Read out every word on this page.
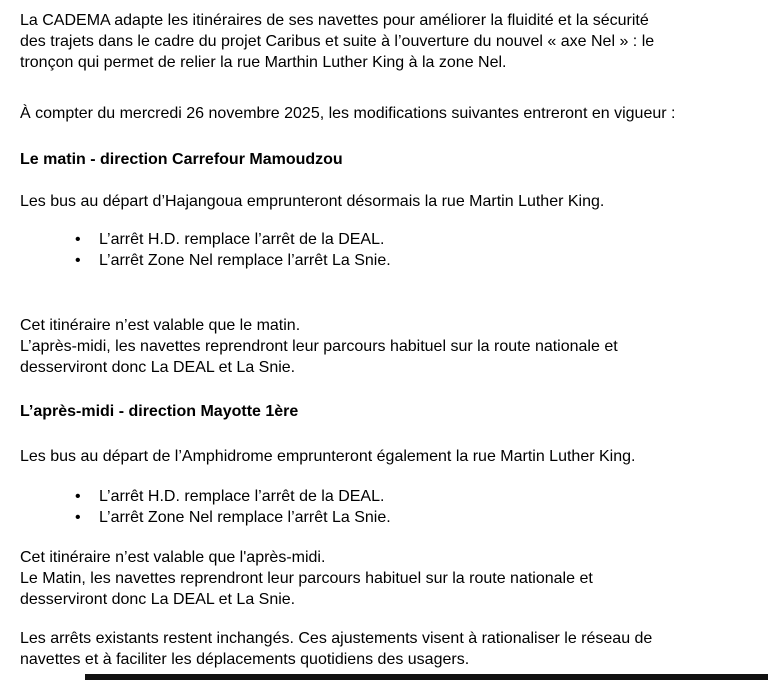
La CADEMA adapte les itinéraires de ses navettes pour améliorer la fluidité et la sécurité
des trajets dans le cadre du projet Caribus et suite à l’ouverture du nouvel « axe Nel » : le
tronçon qui permet de relier la rue Marthin Luther King à la zone Nel.
À compter du mercredi 26 novembre 2025, les modifications suivantes entreront en vigueur :
Le matin - direction Carrefour Mamoudzou
Les bus au départ d’Hajangoua emprunteront désormais la rue Martin Luther King.
• L’arrêt H.D. remplace l’arrêt de la DEAL.
• L’arrêt Zone Nel remplace l’arrêt La Snie.
Cet itinéraire n’est valable que le matin.
L’après-midi, les navettes reprendront leur parcours habituel sur la route nationale et
desserviront donc La DEAL et La Snie.
L’après-midi - direction Mayotte 1ère
Les bus au départ de l’Amphidrome emprunteront également la rue Martin Luther King.
• L’arrêt H.D. remplace l’arrêt de la DEAL.
• L’arrêt Zone Nel remplace l’arrêt La Snie.
Cet itinéraire n’est valable que l'après-midi.
Le Matin, les navettes reprendront leur parcours habituel sur la route nationale et
desserviront donc La DEAL et La Snie.
Les arrêts existants restent inchangés. Ces ajustements visent à rationaliser le réseau de
navettes et à faciliter les déplacements quotidiens des usagers.
